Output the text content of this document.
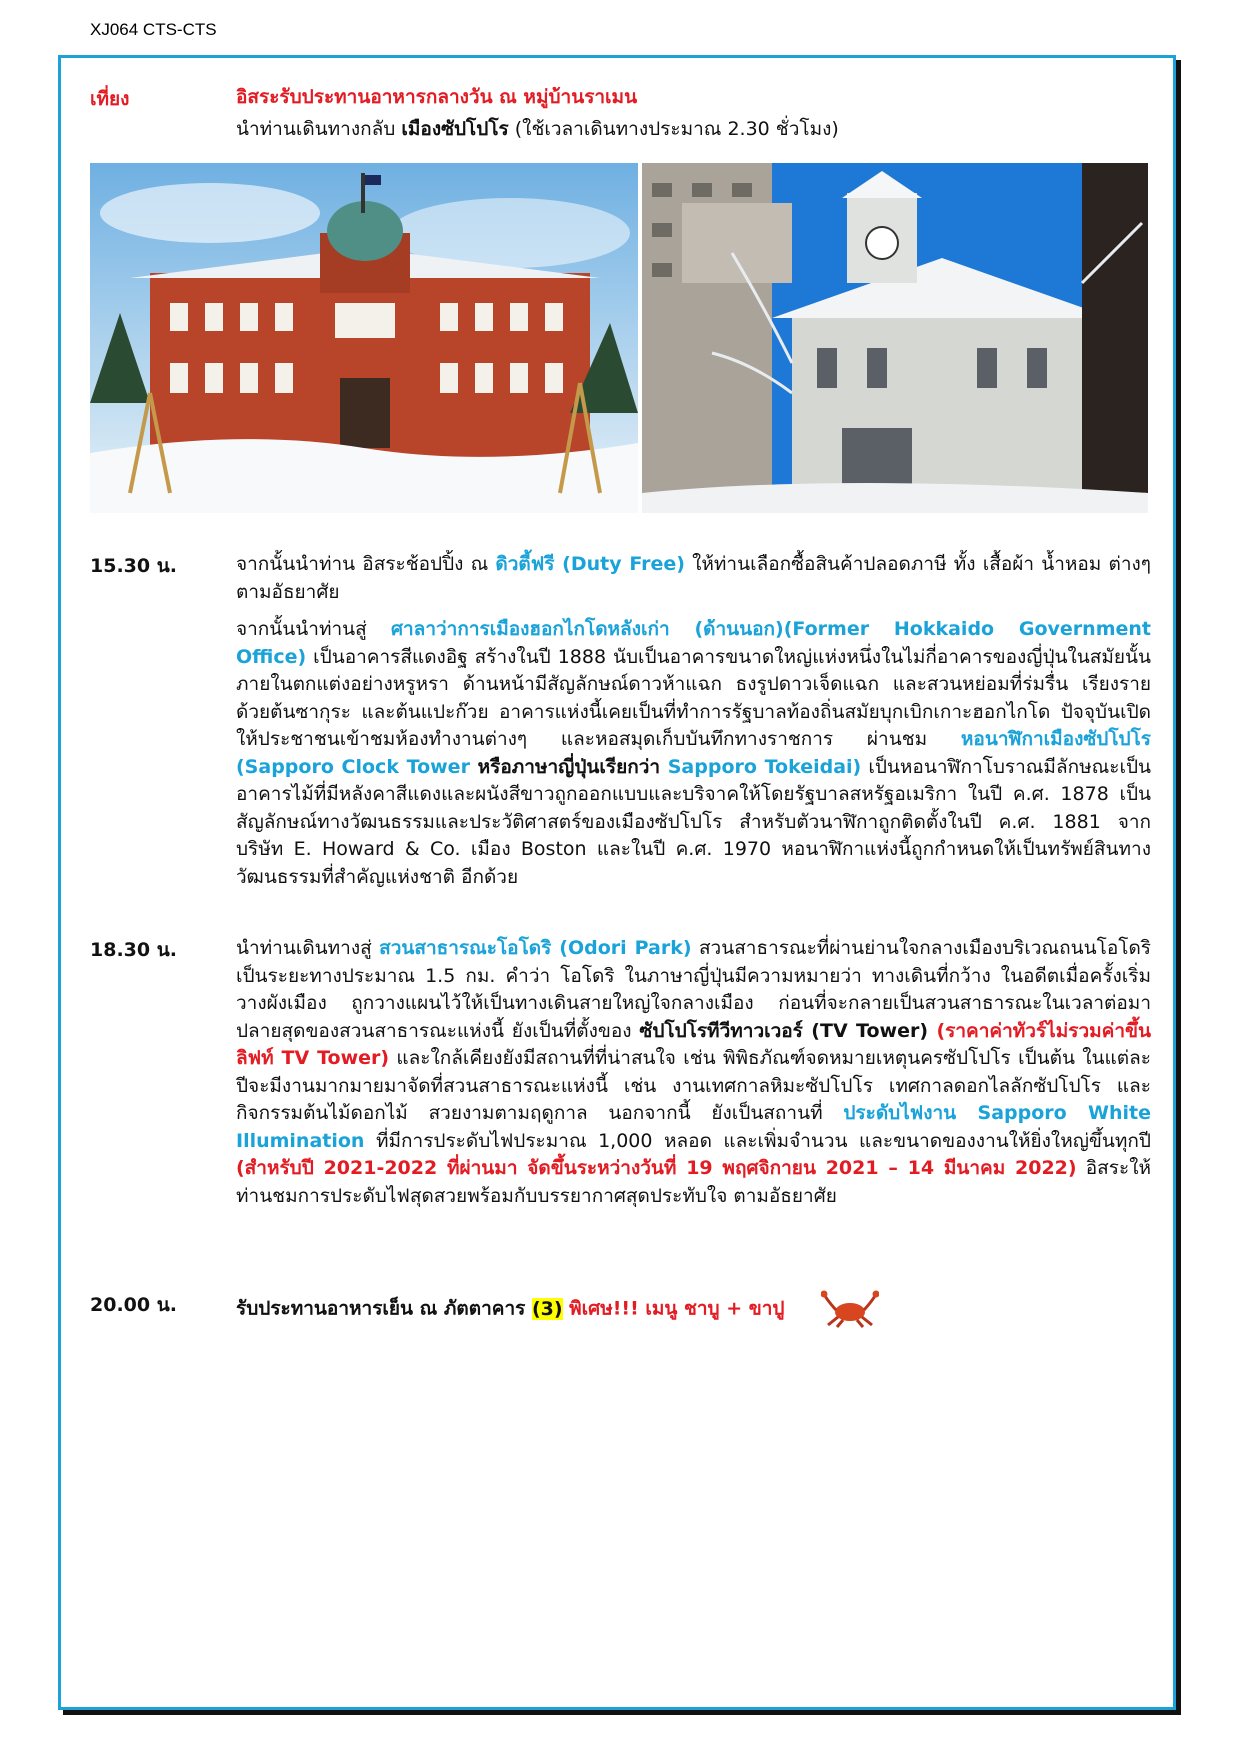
XJ064 CTS-CTS
เที่ยง	อิสระรับประทานอาหารกลางวัน ณ หมู่บ้านราเมน
นำท่านเดินทางกลับ เมืองซัปโปโร (ใช้เวลาเดินทางประมาณ 2.30 ชั่วโมง)
15.30 น.	จากนั้นนำท่าน อิสระช้อปปิ้ง ณ ดิวตี้ฟรี (Duty Free) ให้ท่านเลือกซื้อสินค้าปลอดภาษี ทั้ง เสื้อผ้า น้ำหอม ต่างๆ ตามอัธยาศัย

จากนั้นนำท่านสู่ ศาลาว่าการเมืองฮอกไกโดหลังเก่า (ด้านนอก)(Former Hokkaido Government Office) เป็นอาคารสีแดงอิฐ สร้างในปี 1888 นับเป็นอาคารขนาดใหญ่แห่งหนึ่งในไม่กี่อาคารของญี่ปุ่นในสมัยนั้น ภายในตกแต่งอย่างหรูหรา ด้านหน้ามีสัญลักษณ์ดาวห้าแฉก ธงรูปดาวเจ็ดแฉก และสวนหย่อมที่ร่มรื่น เรียงรายด้วยต้นซากุระ และต้นแปะก๊วย อาคารแห่งนี้เคยเป็นที่ทำการรัฐบาลท้องถิ่นสมัยบุกเบิกเกาะฮอกไกโด ปัจจุบันเปิดให้ประชาชนเข้าชมห้องทำงานต่างๆ และหอสมุดเก็บบันทึกทางราชการ ผ่านชม หอนาฬิกาเมืองซัปโปโร (Sapporo Clock Tower หรือภาษาญี่ปุ่นเรียกว่า Sapporo Tokeidai) เป็นหอนาฬิกาโบราณมีลักษณะเป็นอาคารไม้ที่มีหลังคาสีแดงและผนังสีขาวถูกออกแบบและบริจาคให้โดยรัฐบาลสหรัฐอเมริกา ในปี ค.ศ. 1878 เป็นสัญลักษณ์ทางวัฒนธรรมและประวัติศาสตร์ของเมืองซัปโปโร สำหรับตัวนาฬิกาถูกติดตั้งในปี ค.ศ. 1881 จากบริษัท E. Howard & Co. เมือง Boston และในปี ค.ศ. 1970 หอนาฬิกาแห่งนี้ถูกกำหนดให้เป็นทรัพย์สินทางวัฒนธรรมที่สำคัญแห่งชาติ อีกด้วย

18.30 น.	นำท่านเดินทางสู่ สวนสาธารณะโอโดริ (Odori Park) สวนสาธารณะที่ผ่านย่านใจกลางเมืองบริเวณถนนโอโดริเป็นระยะทางประมาณ 1.5 กม. คำว่า โอโดริ ในภาษาญี่ปุ่นมีความหมายว่า ทางเดินที่กว้าง ในอดีตเมื่อครั้งเริ่มวางผังเมือง ถูกวางแผนไว้ให้เป็นทางเดินสายใหญ่ใจกลางเมือง ก่อนที่จะกลายเป็นสวนสาธารณะในเวลาต่อมา ปลายสุดของสวนสาธารณะแห่งนี้ ยังเป็นที่ตั้งของ ซัปโปโรทีวีทาวเวอร์ (TV Tower) (ราคาค่าทัวร์ไม่รวมค่าขึ้นลิฟท์ TV Tower) และใกล้เคียงยังมีสถานที่ที่น่าสนใจ เช่น พิพิธภัณฑ์จดหมายเหตุนครซัปโปโร เป็นต้น ในแต่ละปีจะมีงานมากมายมาจัดที่สวนสาธารณะแห่งนี้ เช่น งานเทศกาลหิมะซัปโปโร เทศกาลดอกไลลักซัปโปโร และกิจกรรมต้นไม้ดอกไม้ สวยงามตามฤดูกาล นอกจากนี้ ยังเป็นสถานที่ ประดับไฟงาน Sapporo White Illumination ที่มีการประดับไฟประมาณ 1,000 หลอด และเพิ่มจำนวน และขนาดของงานให้ยิ่งใหญ่ขึ้นทุกปี (สำหรับปี 2021-2022 ที่ผ่านมา จัดขึ้นระหว่างวันที่ 19 พฤศจิกายน 2021 – 14 มีนาคม 2022) อิสระให้ท่านชมการประดับไฟสุดสวยพร้อมกับบรรยากาศสุดประทับใจ ตามอัธยาศัย

20.00 น.	รับประทานอาหารเย็น ณ ภัตตาคาร (3) พิเศษ!!! เมนู ชาบู + ขาปู
